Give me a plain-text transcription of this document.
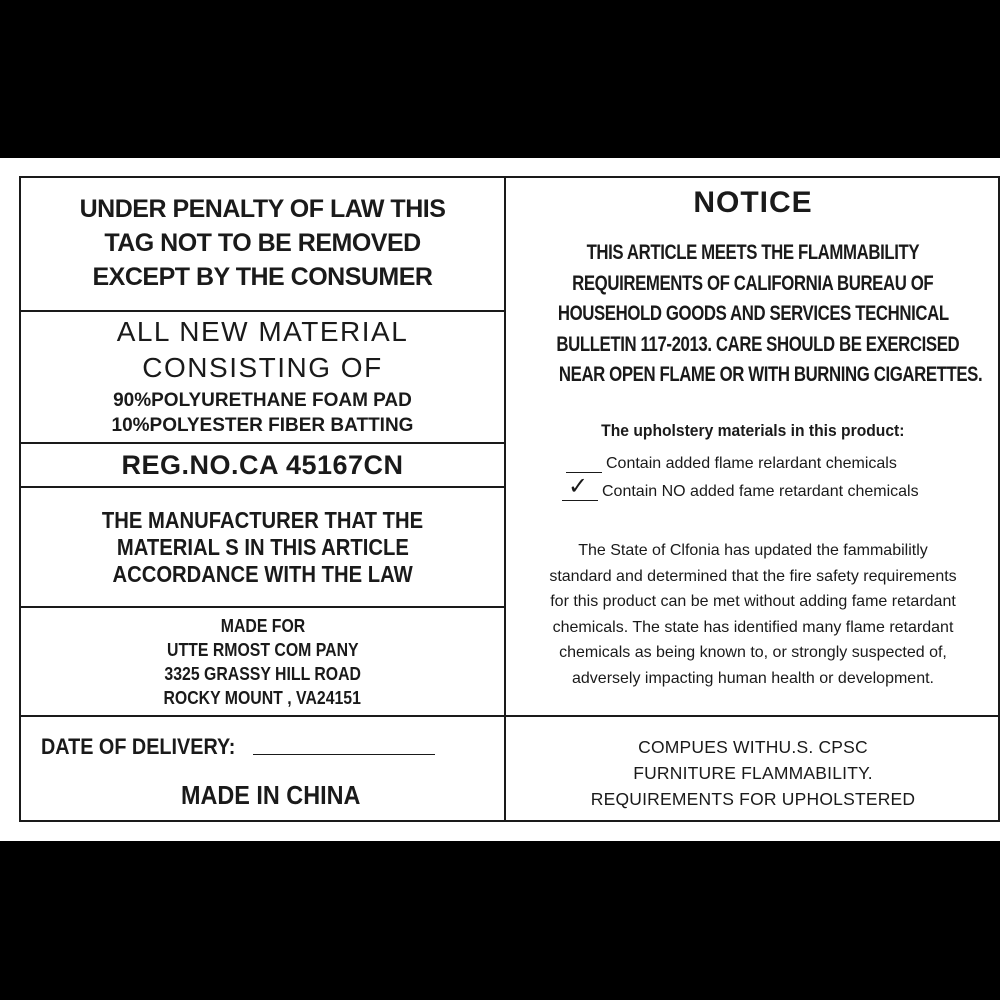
UNDER PENALTY OF LAW THIS
TAG NOT TO BE REMOVED
EXCEPT BY THE CONSUMER
ALL NEW MATERIAL
CONSISTING OF
90%POLYURETHANE FOAM PAD
10%POLYESTER FIBER BATTING
REG.NO.CA 45167CN
THE MANUFACTURER THAT THE
MATERIAL S IN THIS ARTICLE
ACCORDANCE WITH THE LAW
MADE FOR
UTTE RMOST COM PANY
3325 GRASSY HILL ROAD
ROCKY MOUNT , VA24151
DATE OF DELIVERY:
MADE IN CHINA
NOTICE
THIS ARTICLE MEETS THE FLAMMABILITY
REQUIREMENTS OF CALIFORNIA BUREAU OF
HOUSEHOLD GOODS AND SERVICES TECHNICAL
BULLETIN 117-2013. CARE SHOULD BE EXERCISED
NEAR OPEN FLAME OR WITH BURNING CIGARETTES.
The upholstery materials in this product:
Contain added flame relardant chemicals
✓ Contain NO added fame retardant chemicals
The State of Clfonia has updated the fammabilitly
standard and determined that the fire safety requirements
for this product can be met without adding fame retardant
chemicals. The state has identified many flame retardant
chemicals as being known to, or strongly suspected of,
adversely impacting human health or development.
COMPUES WITHU.S. CPSC
FURNITURE FLAMMABILITY.
REQUIREMENTS FOR UPHOLSTERED
